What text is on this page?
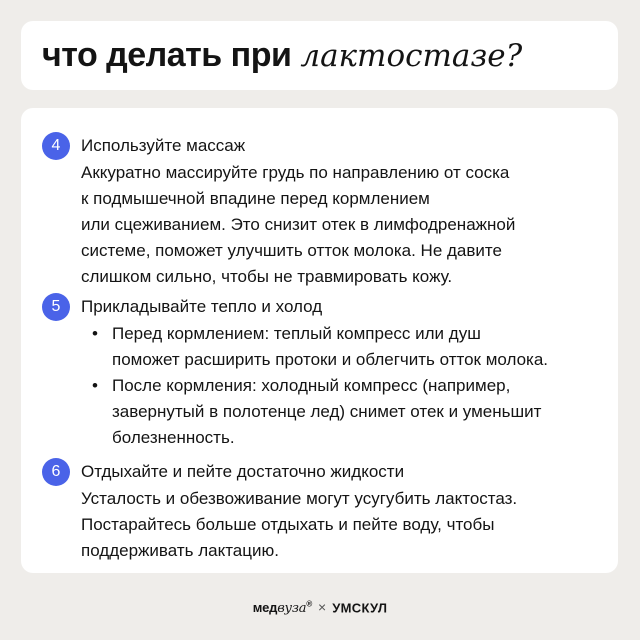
что делать при лактостазе?
4	Используйте массаж
Аккуратно массируйте грудь по направлению от соска
к подмышечной впадине перед кормлением
или сцеживанием. Это снизит отек в лимфодренажной
системе, поможет улучшить отток молока. Не давите
слишком сильно, чтобы не травмировать кожу.
5	Прикладывайте тепло и холод
• Перед кормлением: теплый компресс или душ
поможет расширить протоки и облегчить отток молока.
• После кормления: холодный компресс (например,
завернутый в полотенце лед) снимет отек и уменьшит
болезненность.
6	Отдыхайте и пейте достаточно жидкости
Усталость и обезвоживание могут усугубить лактостаз.
Постарайтесь больше отдыхать и пейте воду, чтобы
поддерживать лактацию.
медвуза® × УМСКУЛ
